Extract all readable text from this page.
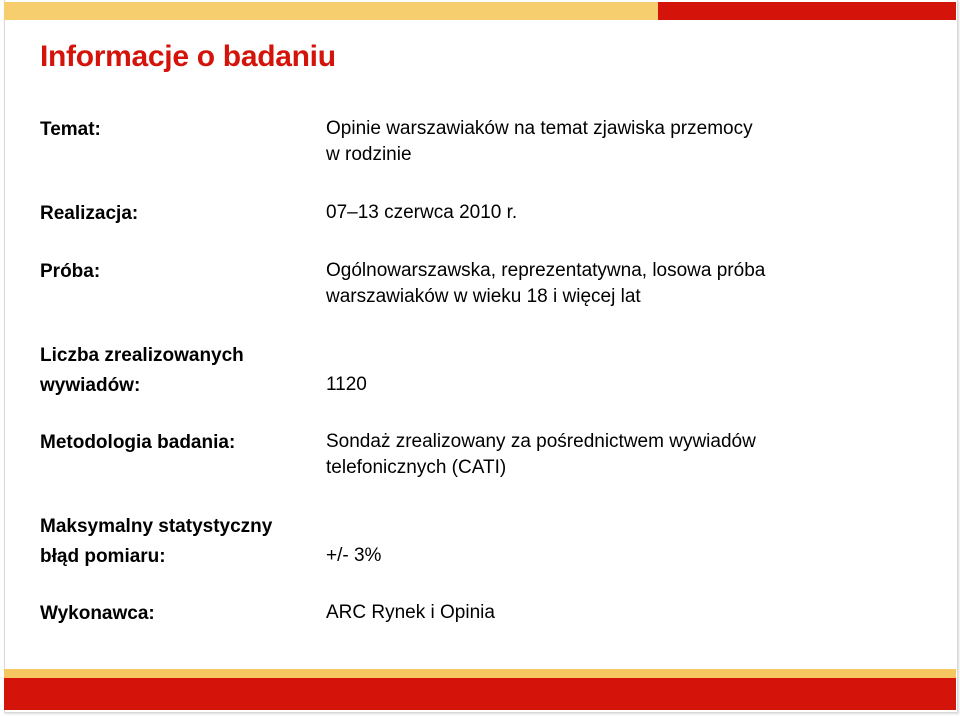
Informacje o badaniu
Temat:	Opinie warszawiaków na temat zjawiska przemocy
w rodzinie
Realizacja:	07–13 czerwca 2010 r.
Próba:	Ogólnowarszawska, reprezentatywna, losowa próba
warszawiaków w wieku 18 i więcej lat
Liczba zrealizowanych
wywiadów:	1120
Metodologia badania:	Sondaż zrealizowany za pośrednictwem wywiadów
telefonicznych (CATI)
Maksymalny statystyczny
błąd pomiaru:	+/- 3%
Wykonawca:	ARC Rynek i Opinia
